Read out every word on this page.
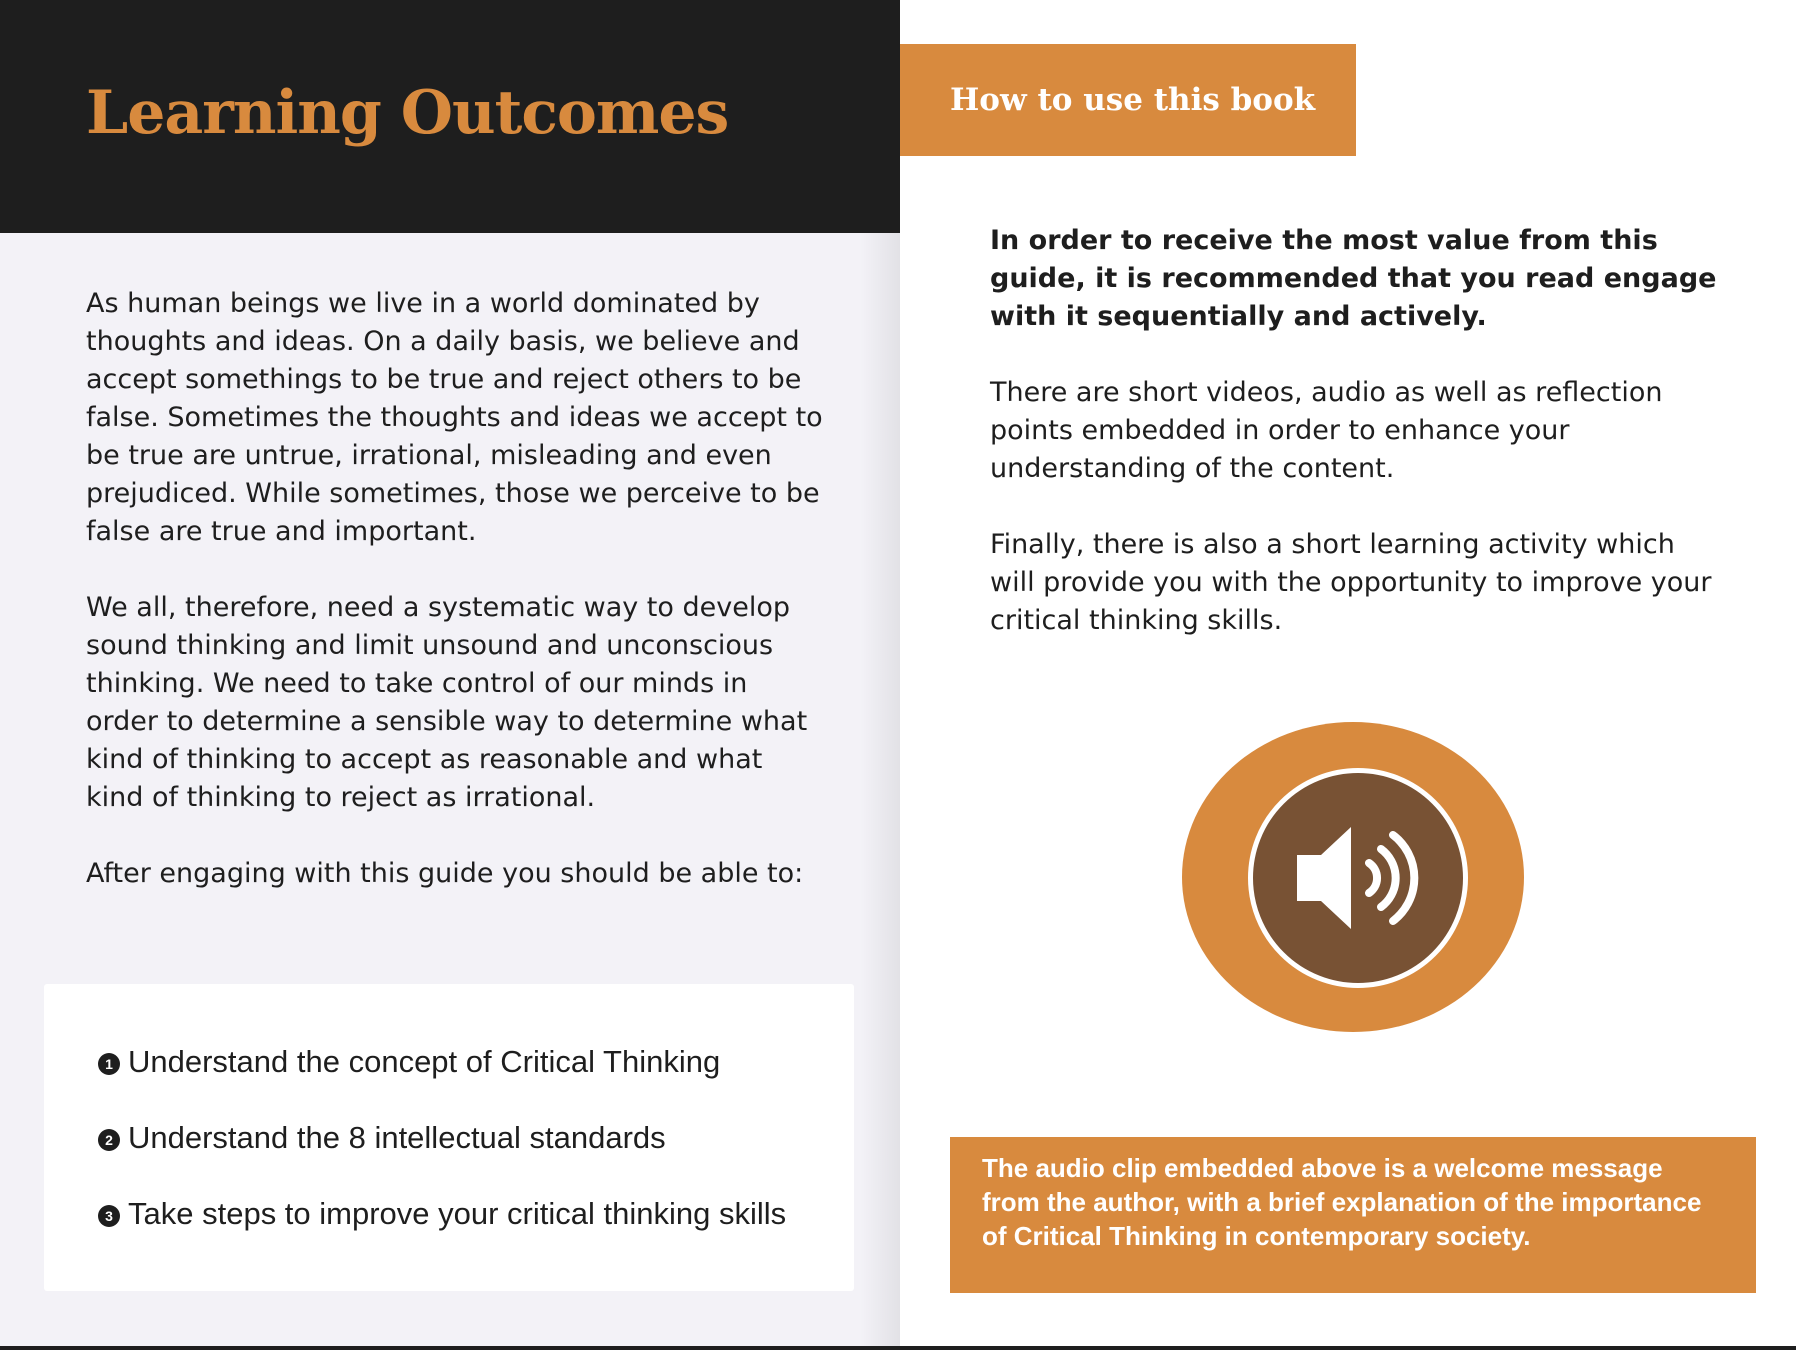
Learning Outcomes

As human beings we live in a world dominated by thoughts and ideas. On a daily basis, we believe and accept somethings to be true and reject others to be false. Sometimes the thoughts and ideas we accept to be true are untrue, irrational, misleading and even prejudiced. While sometimes, those we perceive to be false are true and important.

We all, therefore, need a systematic way to develop sound thinking and limit unsound and unconscious thinking. We need to take control of our minds in order to determine a sensible way to determine what kind of thinking to accept as reasonable and what kind of thinking to reject as irrational.

After engaging with this guide you should be able to:

1 Understand the concept of Critical Thinking
2 Understand the 8 intellectual standards
3 Take steps to improve your critical thinking skills
How to use this book

In order to receive the most value from this guide, it is recommended that you read engage with it sequentially and actively.

There are short videos, audio as well as reflection points embedded in order to enhance your understanding of the content.

Finally, there is also a short learning activity which will provide you with the opportunity to improve your critical thinking skills.

The audio clip embedded above is a welcome message from the author, with a brief explanation of the importance of Critical Thinking in contemporary society.
